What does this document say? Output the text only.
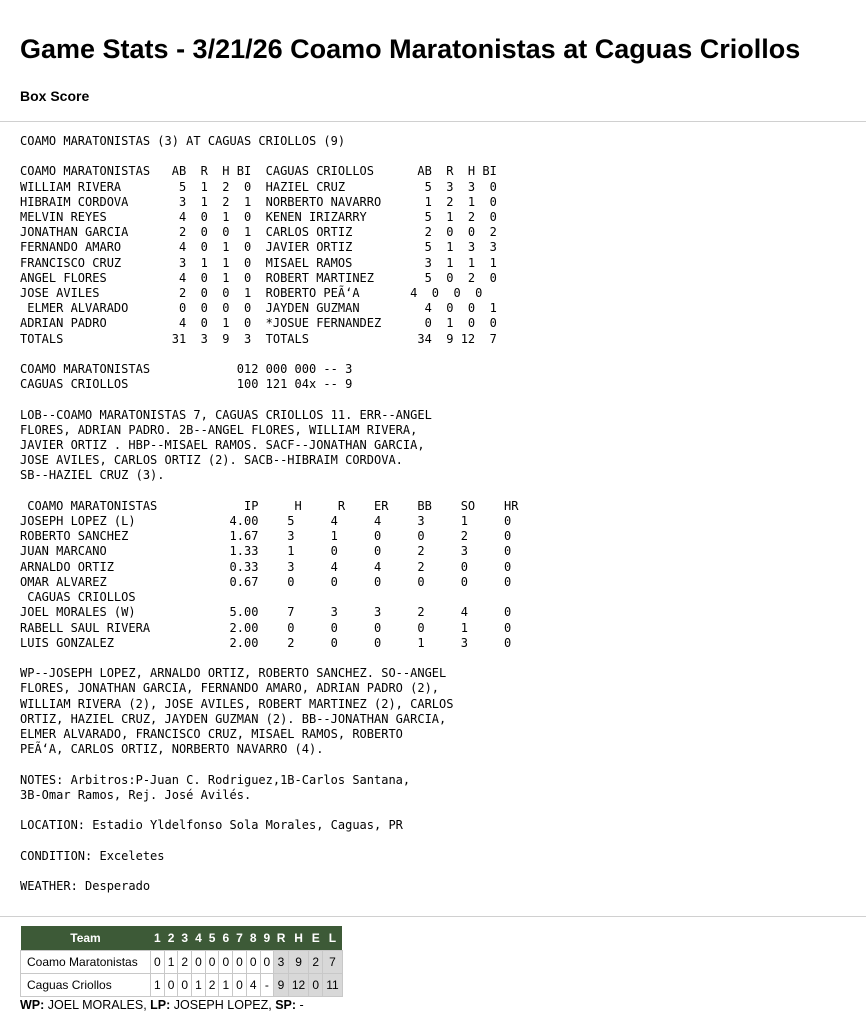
Game Stats - 3/21/26 Coamo Maratonistas at Caguas Criollos
Box Score
COAMO MARATONISTAS (3) AT CAGUAS CRIOLLOS (9)

COAMO MARATONISTAS   AB  R  H BI  CAGUAS CRIOLLOS      AB  R  H BI
WILLIAM RIVERA        5  1  2  0  HAZIEL CRUZ           5  3  3  0
HIBRAIM CORDOVA       3  1  2  1  NORBERTO NAVARRO      1  2  1  0
MELVIN REYES          4  0  1  0  KENEN IRIZARRY        5  1  2  0
JONATHAN GARCIA       2  0  0  1  CARLOS ORTIZ          2  0  0  2
FERNANDO AMARO        4  0  1  0  JAVIER ORTIZ          5  1  3  3
FRANCISCO CRUZ        3  1  1  0  MISAEL RAMOS          3  1  1  1
ANGEL FLORES          4  0  1  0  ROBERT MARTINEZ       5  0  2  0
JOSE AVILES           2  0  0  1  ROBERTO PEÃ‘A       4  0  0  0
ELMER ALVARADO       0  0  0  0  JAYDEN GUZMAN         4  0  0  1
ADRIAN PADRO          4  0  1  0  *JOSUE FERNANDEZ      0  1  0  0
TOTALS               31  3  9  3  TOTALS               34  9 12  7

COAMO MARATONISTAS            012 000 000 -- 3
CAGUAS CRIOLLOS               100 121 04x -- 9

LOB--COAMO MARATONISTAS 7, CAGUAS CRIOLLOS 11. ERR--ANGEL
FLORES, ADRIAN PADRO. 2B--ANGEL FLORES, WILLIAM RIVERA,
JAVIER ORTIZ . HBP--MISAEL RAMOS. SACF--JONATHAN GARCIA,
JOSE AVILES, CARLOS ORTIZ (2). SACB--HIBRAIM CORDOVA.
SB--HAZIEL CRUZ (3).

COAMO MARATONISTAS            IP     H     R    ER    BB    SO    HR
JOSEPH LOPEZ (L)             4.00    5     4     4     3     1     0
ROBERTO SANCHEZ              1.67    3     1     0     0     2     0
JUAN MARCANO                 1.33    1     0     0     2     3     0
ARNALDO ORTIZ                0.33    3     4     4     2     0     0
OMAR ALVAREZ                 0.67    0     0     0     0     0     0
CAGUAS CRIOLLOS
JOEL MORALES (W)             5.00    7     3     3     2     4     0
RABELL SAUL RIVERA           2.00    0     0     0     0     1     0
LUIS GONZALEZ                2.00    2     0     0     1     3     0

WP--JOSEPH LOPEZ, ARNALDO ORTIZ, ROBERTO SANCHEZ. SO--ANGEL
FLORES, JONATHAN GARCIA, FERNANDO AMARO, ADRIAN PADRO (2),
WILLIAM RIVERA (2), JOSE AVILES, ROBERT MARTINEZ (2), CARLOS
ORTIZ, HAZIEL CRUZ, JAYDEN GUZMAN (2). BB--JONATHAN GARCIA,
ELMER ALVARADO, FRANCISCO CRUZ, MISAEL RAMOS, ROBERTO
PEÃ‘A, CARLOS ORTIZ, NORBERTO NAVARRO (4).

NOTES: Arbitros:P-Juan C. Rodriguez,1B-Carlos Santana,
3B-Omar Ramos, Rej. José Avilés.

LOCATION: Estadio Yldelfonso Sola Morales, Caguas, PR

CONDITION: Exceletes

WEATHER: Desperado
Team	1	2	3	4	5	6	7	8	9	R	H	E	L
Coamo Maratonistas	0	1	2	0	0	0	0	0	0	3	9	2	7
Caguas Criollos	1	0	0	1	2	1	0	4	-	9	12	0	11
WP: JOEL MORALES, LP: JOSEPH LOPEZ, SP: -
